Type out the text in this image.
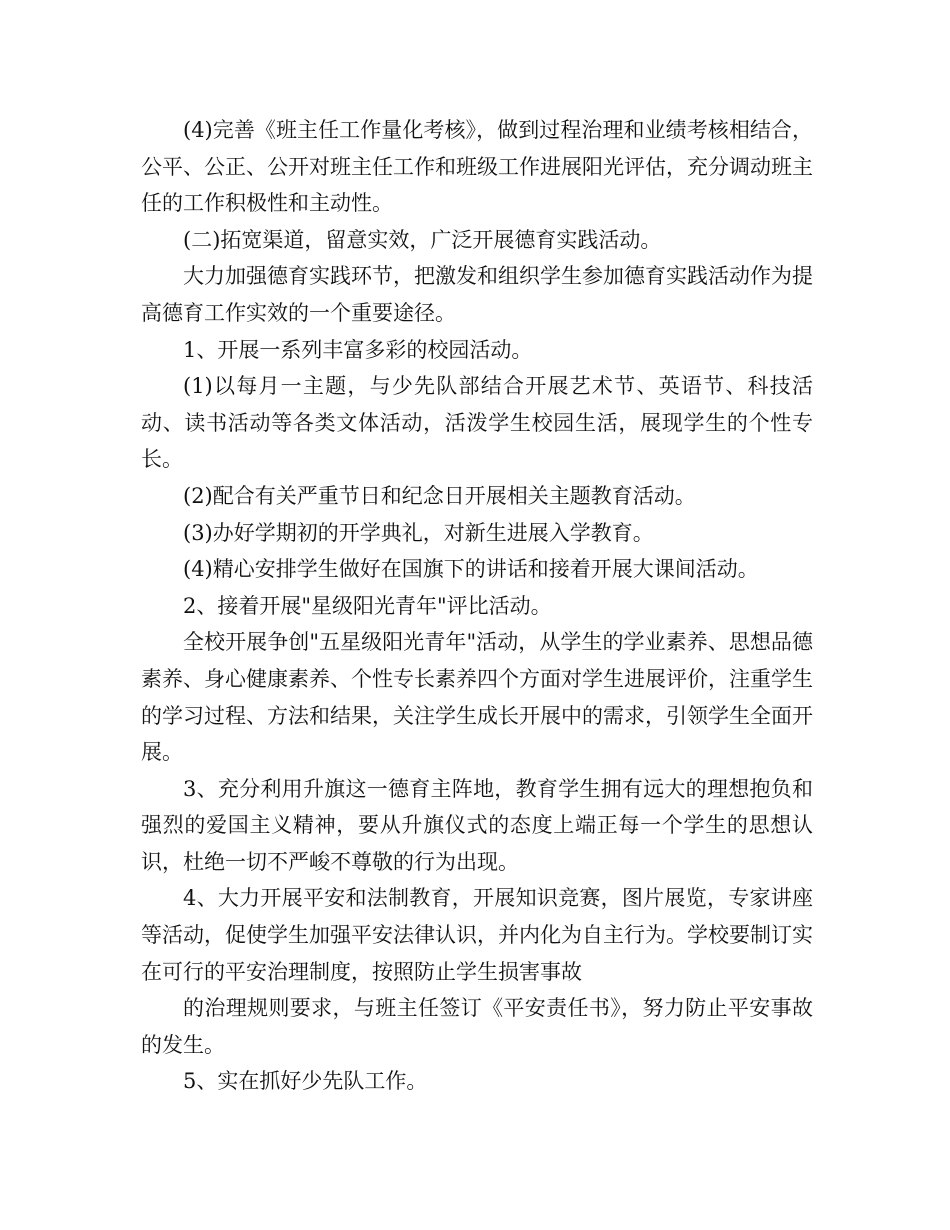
(4)完善《班主任工作量化考核》，做到过程治理和业绩考核相结合，公平、公正、公开对班主任工作和班级工作进展阳光评估，充分调动班主任的工作积极性和主动性。

(二)拓宽渠道，留意实效，广泛开展德育实践活动。

大力加强德育实践环节，把激发和组织学生参加德育实践活动作为提高德育工作实效的一个重要途径。

1、开展一系列丰富多彩的校园活动。

(1)以每月一主题，与少先队部结合开展艺术节、英语节、科技活动、读书活动等各类文体活动，活泼学生校园生活，展现学生的个性专长。

(2)配合有关严重节日和纪念日开展相关主题教育活动。

(3)办好学期初的开学典礼，对新生进展入学教育。

(4)精心安排学生做好在国旗下的讲话和接着开展大课间活动。

2、接着开展"星级阳光青年"评比活动。

全校开展争创"五星级阳光青年"活动，从学生的学业素养、思想品德素养、身心健康素养、个性专长素养四个方面对学生进展评价，注重学生的学习过程、方法和结果，关注学生成长开展中的需求，引领学生全面开展。

3、充分利用升旗这一德育主阵地，教育学生拥有远大的理想抱负和强烈的爱国主义精神，要从升旗仪式的态度上端正每一个学生的思想认识，杜绝一切不严峻不尊敬的行为出现。

4、大力开展平安和法制教育，开展知识竞赛，图片展览，专家讲座等活动，促使学生加强平安法律认识，并内化为自主行为。学校要制订实在可行的平安治理制度，按照防止学生损害事故

的治理规则要求，与班主任签订《平安责任书》，努力防止平安事故的发生。

5、实在抓好少先队工作。
